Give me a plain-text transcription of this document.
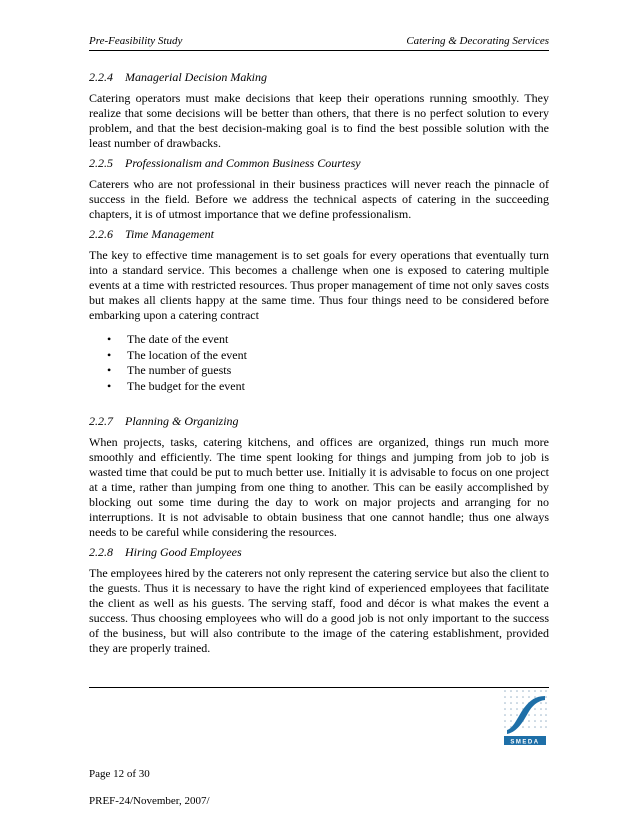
Pre-Feasibility Study	Catering & Decorating Services
2.2.4	Managerial Decision Making

Catering operators must make decisions that keep their operations running smoothly. They realize that some decisions will be better than others, that there is no perfect solution to every problem, and that the best decision-making goal is to find the best possible solution with the least number of drawbacks.

2.2.5	Professionalism and Common Business Courtesy

Caterers who are not professional in their business practices will never reach the pinnacle of success in the field. Before we address the technical aspects of catering in the succeeding chapters, it is of utmost importance that we define professionalism.

2.2.6	Time Management

The key to effective time management is to set goals for every operations that eventually turn into a standard service. This becomes a challenge when one is exposed to catering multiple events at a time with restricted resources. Thus proper management of time not only saves costs but makes all clients happy at the same time. Thus four things need to be considered before embarking upon a catering contract

•	The date of the event
•	The location of the event
•	The number of guests
•	The budget for the event
2.2.7	Planning & Organizing

When projects, tasks, catering kitchens, and offices are organized, things run much more smoothly and efficiently. The time spent looking for things and jumping from job to job is wasted time that could be put to much better use. Initially it is advisable to focus on one project at a time, rather than jumping from one thing to another. This can be easily accomplished by blocking out some time during the day to work on major projects and arranging for no interruptions. It is not advisable to obtain business that one cannot handle; thus one always needs to be careful while considering the resources.

2.2.8	Hiring Good Employees

The employees hired by the caterers not only represent the catering service but also the client to the guests. Thus it is necessary to have the right kind of experienced employees that facilitate the client as well as his guests. The serving staff, food and décor is what makes the event a success. Thus choosing employees who will do a good job is not only important to the success of the business, but will also contribute to the image of the catering establishment, provided they are properly trained.

SMEDA
Page 12 of 30
PREF-24/November, 2007/
